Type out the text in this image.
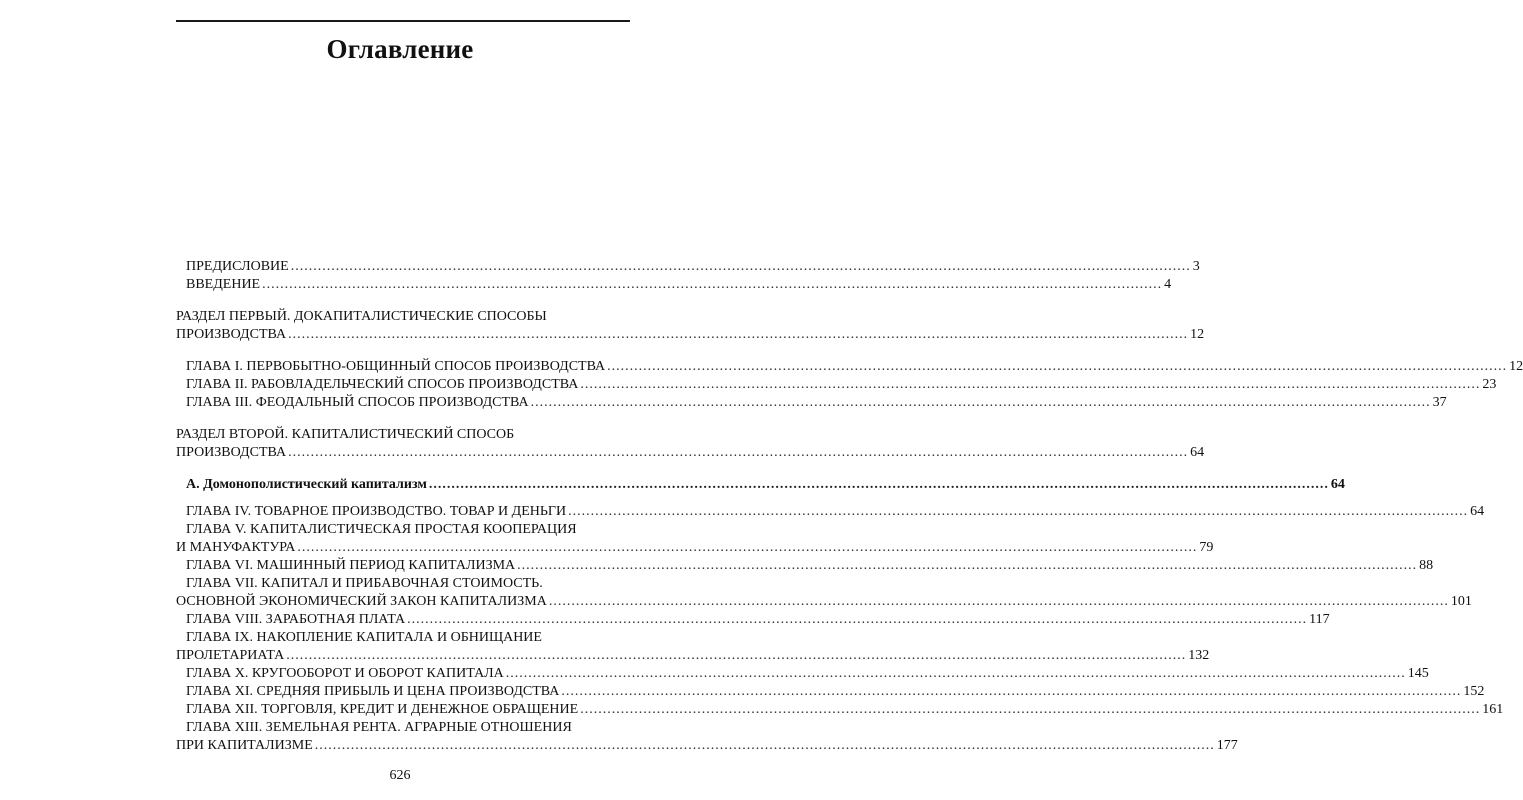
Оглавление
ПРЕДИСЛОВИЕ ........................................................................................................................................................................................................ 3
ВВЕДЕНИЕ ........................................................................................................................................................................................................ 4
РАЗДЕЛ ПЕРВЫЙ. ДОКАПИТАЛИСТИЧЕСКИЕ СПОСОБЫ
ПРОИЗВОДСТВА ........................................................................................................................................................................................................ 12
ГЛАВА I. ПЕРВОБЫТНО-ОБЩИННЫЙ СПОСОБ ПРОИЗВОДСТВА ........................................................................................................................................................................................................ 12
ГЛАВА II. РАБОВЛАДЕЛЬЧЕСКИЙ СПОСОБ ПРОИЗВОДСТВА ........................................................................................................................................................................................................ 23
ГЛАВА III. ФЕОДАЛЬНЫЙ СПОСОБ ПРОИЗВОДСТВА ........................................................................................................................................................................................................ 37
РАЗДЕЛ ВТОРОЙ. КАПИТАЛИСТИЧЕСКИЙ СПОСОБ
ПРОИЗВОДСТВА ........................................................................................................................................................................................................ 64
А. Домонополистический капитализм ........................................................................................................................................................................................................ 64
ГЛАВА IV. ТОВАРНОЕ ПРОИЗВОДСТВО. ТОВАР И ДЕНЬГИ ........................................................................................................................................................................................................ 64
ГЛАВА V. КАПИТАЛИСТИЧЕСКАЯ ПРОСТАЯ КООПЕРАЦИЯ
И МАНУФАКТУРА ........................................................................................................................................................................................................ 79
ГЛАВА VI. МАШИННЫЙ ПЕРИОД КАПИТАЛИЗМА ........................................................................................................................................................................................................ 88
ГЛАВА VII. КАПИТАЛ И ПРИБАВОЧНАЯ СТОИМОСТЬ.
ОСНОВНОЙ ЭКОНОМИЧЕСКИЙ ЗАКОН КАПИТАЛИЗМА ........................................................................................................................................................................................................ 101
ГЛАВА VIII. ЗАРАБОТНАЯ ПЛАТА ........................................................................................................................................................................................................ 117
ГЛАВА IX. НАКОПЛЕНИЕ КАПИТАЛА И ОБНИЩАНИЕ
ПРОЛЕТАРИАТА ........................................................................................................................................................................................................ 132
ГЛАВА X. КРУГООБОРОТ И ОБОРОТ КАПИТАЛА ........................................................................................................................................................................................................ 145
ГЛАВА XI. СРЕДНЯЯ ПРИБЫЛЬ И ЦЕНА ПРОИЗВОДСТВА ........................................................................................................................................................................................................ 152
ГЛАВА XII. ТОРГОВЛЯ, КРЕДИТ И ДЕНЕЖНОЕ ОБРАЩЕНИЕ ........................................................................................................................................................................................................ 161
ГЛАВА XIII. ЗЕМЕЛЬНАЯ РЕНТА. АГРАРНЫЕ ОТНОШЕНИЯ
ПРИ КАПИТАЛИЗМЕ ........................................................................................................................................................................................................ 177
626
